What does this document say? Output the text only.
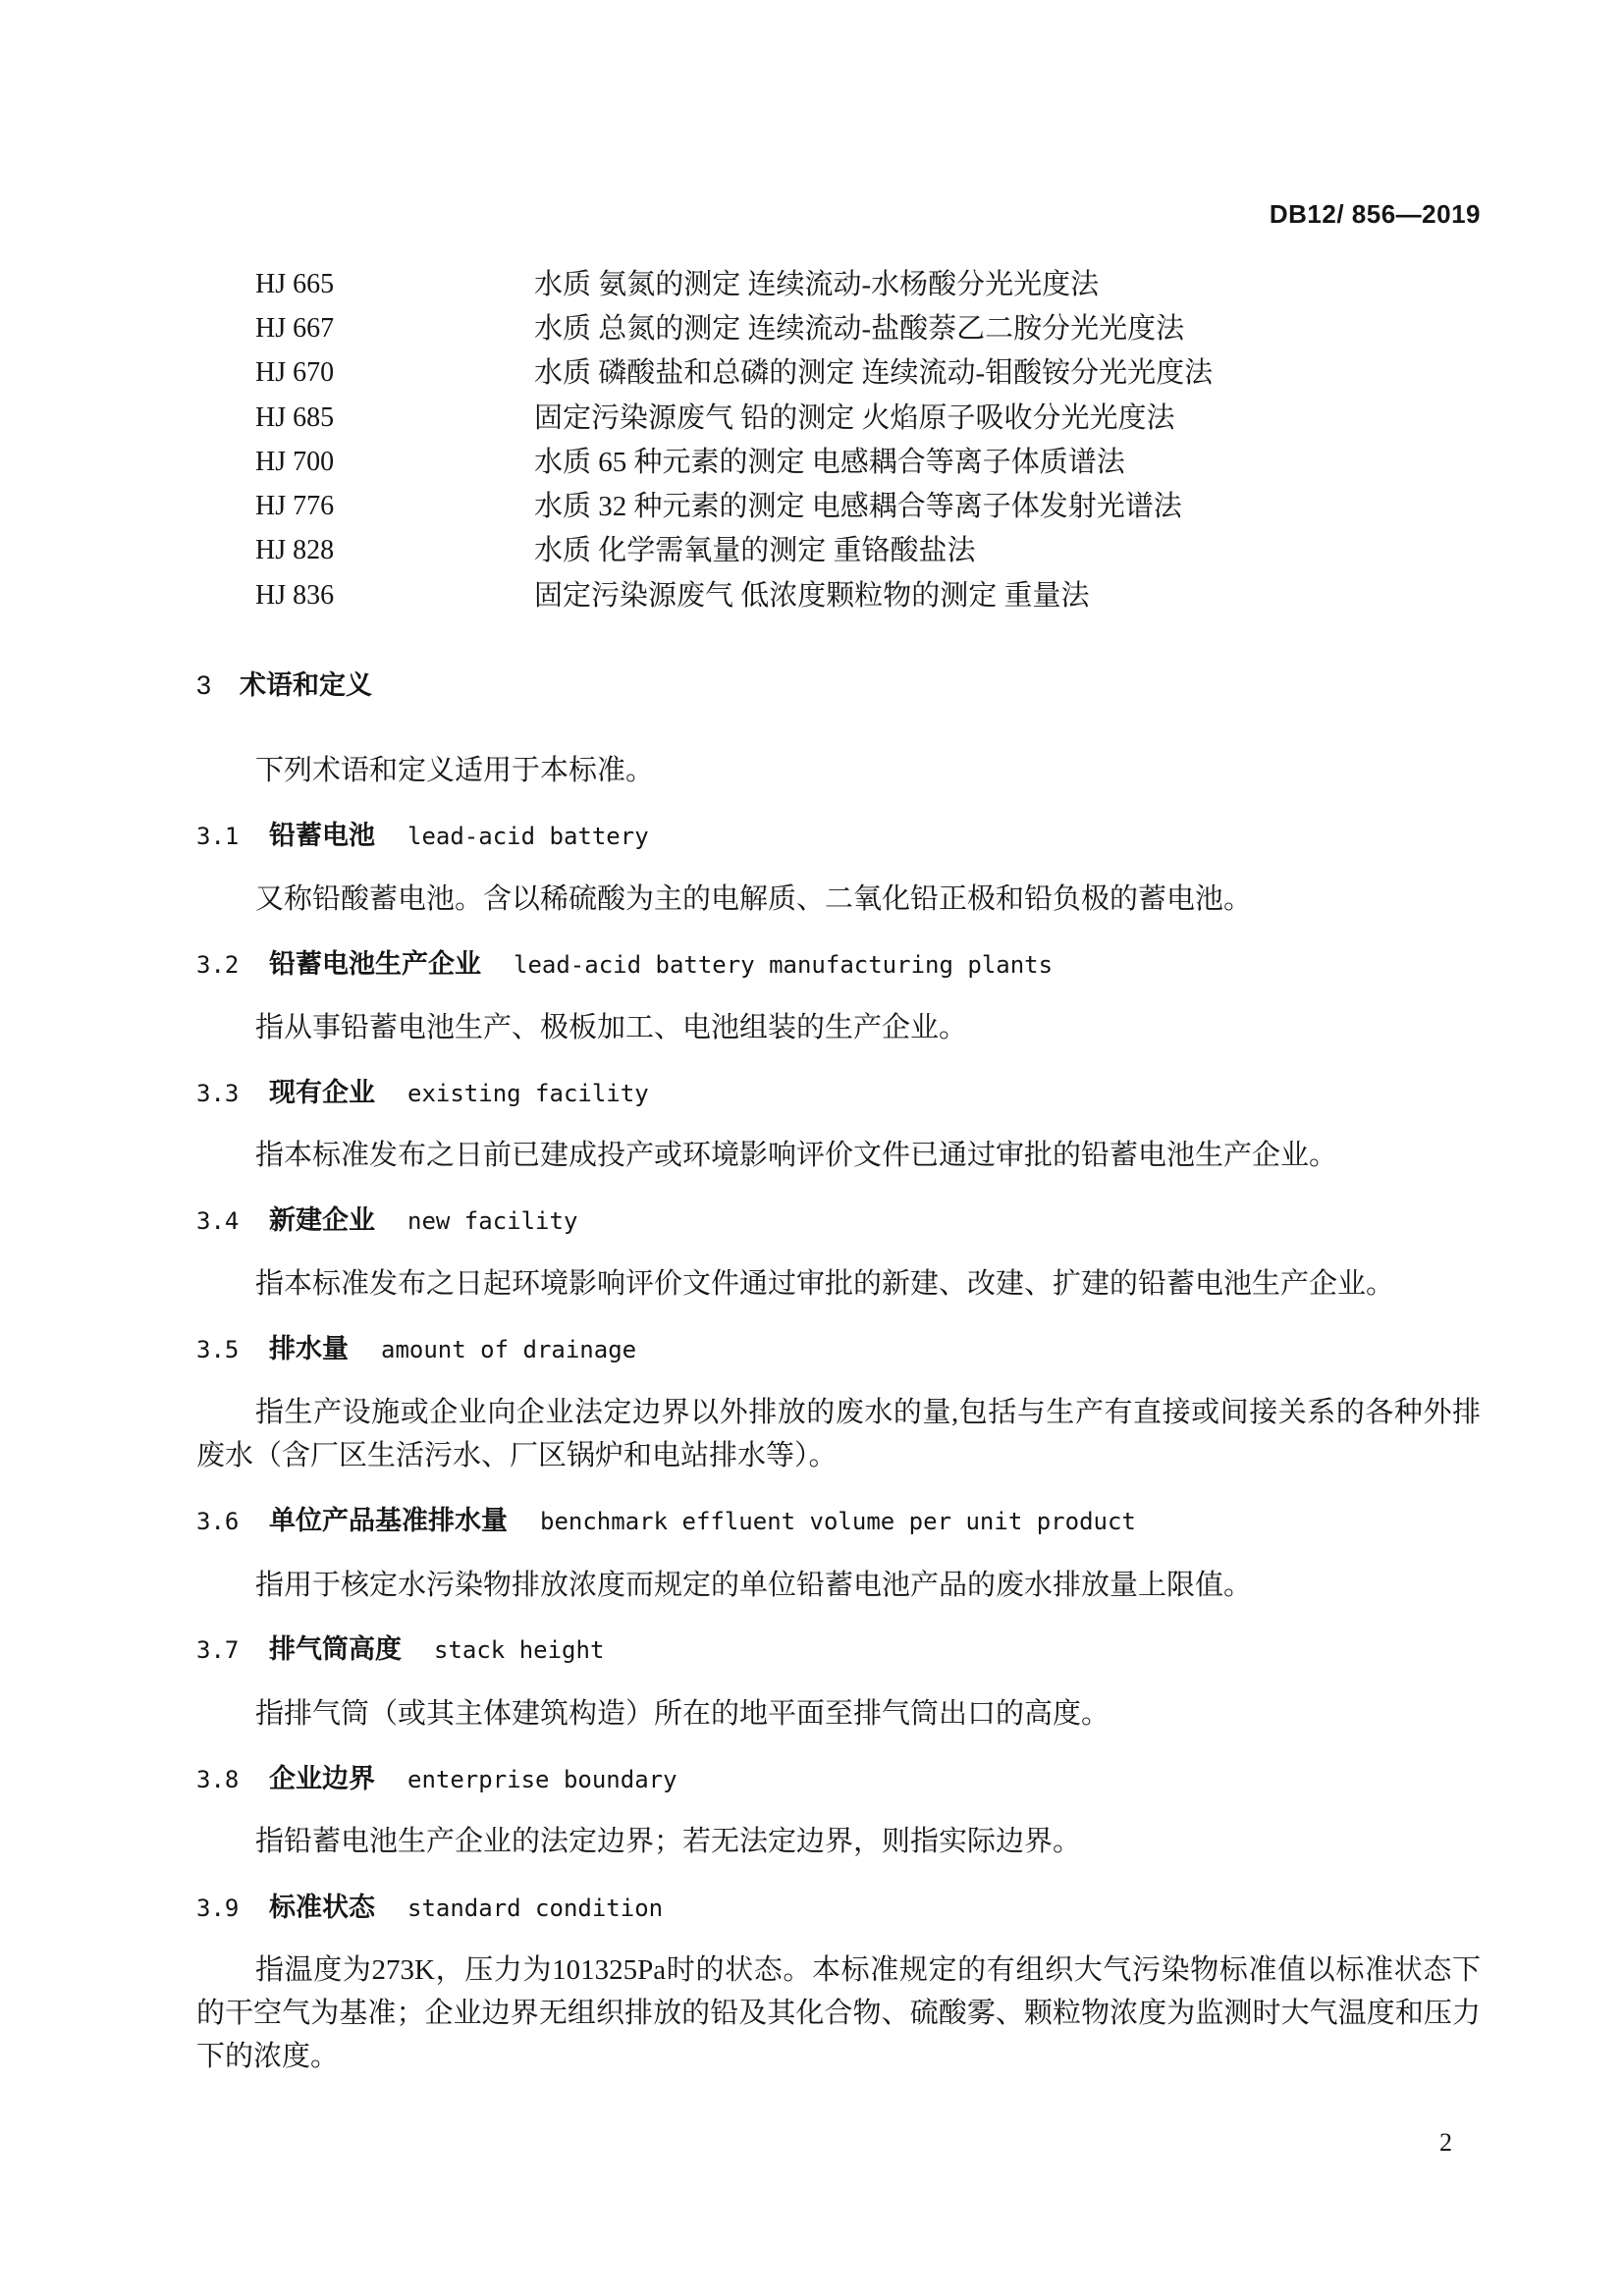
DB12/ 856—2019
HJ 665	水质 氨氮的测定 连续流动-水杨酸分光光度法
HJ 667	水质 总氮的测定 连续流动-盐酸萘乙二胺分光光度法
HJ 670	水质 磷酸盐和总磷的测定 连续流动-钼酸铵分光光度法
HJ 685	固定污染源废气 铅的测定 火焰原子吸收分光光度法
HJ 700	水质 65 种元素的测定 电感耦合等离子体质谱法
HJ 776	水质 32 种元素的测定 电感耦合等离子体发射光谱法
HJ 828	水质 化学需氧量的测定 重铬酸盐法
HJ 836	固定污染源废气 低浓度颗粒物的测定 重量法
3 术语和定义
下列术语和定义适用于本标准。
3.1 铅蓄电池 lead-acid battery
又称铅酸蓄电池。含以稀硫酸为主的电解质、二氧化铅正极和铅负极的蓄电池。
3.2 铅蓄电池生产企业 lead-acid battery manufacturing plants
指从事铅蓄电池生产、极板加工、电池组装的生产企业。
3.3 现有企业 existing facility
指本标准发布之日前已建成投产或环境影响评价文件已通过审批的铅蓄电池生产企业。
3.4 新建企业 new facility
指本标准发布之日起环境影响评价文件通过审批的新建、改建、扩建的铅蓄电池生产企业。
3.5 排水量 amount of drainage
指生产设施或企业向企业法定边界以外排放的废水的量,包括与生产有直接或间接关系的各种外排
废水（含厂区生活污水、厂区锅炉和电站排水等）。
3.6 单位产品基准排水量 benchmark effluent volume per unit product
指用于核定水污染物排放浓度而规定的单位铅蓄电池产品的废水排放量上限值。
3.7 排气筒高度 stack height
指排气筒（或其主体建筑构造）所在的地平面至排气筒出口的高度。
3.8 企业边界 enterprise boundary
指铅蓄电池生产企业的法定边界；若无法定边界，则指实际边界。
3.9 标准状态 standard condition
指温度为273K，压力为101325Pa时的状态。本标准规定的有组织大气污染物标准值以标准状态下
的干空气为基准；企业边界无组织排放的铅及其化合物、硫酸雾、颗粒物浓度为监测时大气温度和压力
下的浓度。
2
